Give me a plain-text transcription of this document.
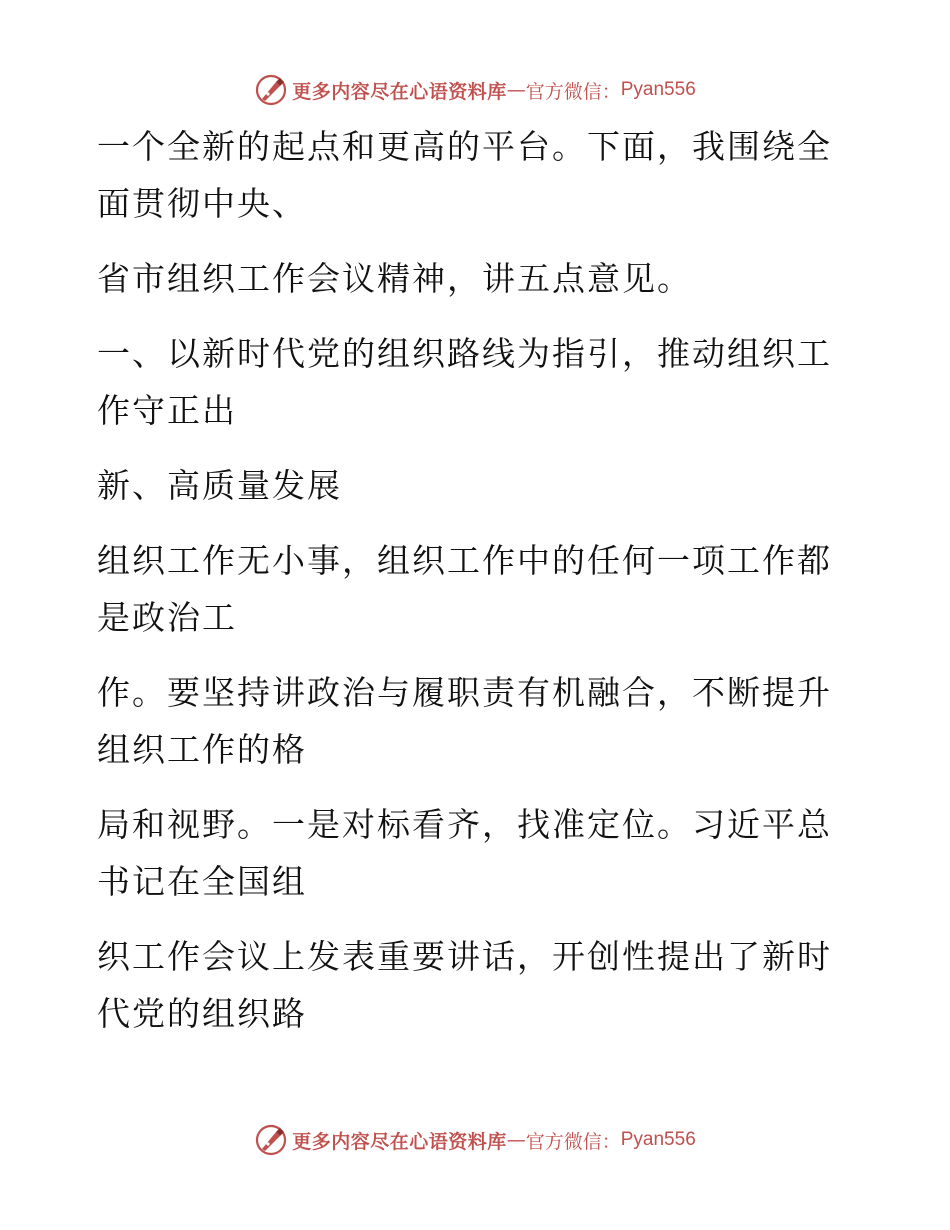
更多内容尽在心语资料库 — 官方微信： Pyan556

一个全新的起点和更高的平台。下面，我围绕全面贯彻中央、

省市组织工作会议精神，讲五点意见。

一、以新时代党的组织路线为指引，推动组织工作守正出

新、高质量发展

组织工作无小事，组织工作中的任何一项工作都是政治工

作。要坚持讲政治与履职责有机融合，不断提升组织工作的格

局和视野。一是对标看齐，找准定位。习近平总书记在全国组

织工作会议上发表重要讲话，开创性提出了新时代党的组织路

更多内容尽在心语资料库 — 官方微信： Pyan556
